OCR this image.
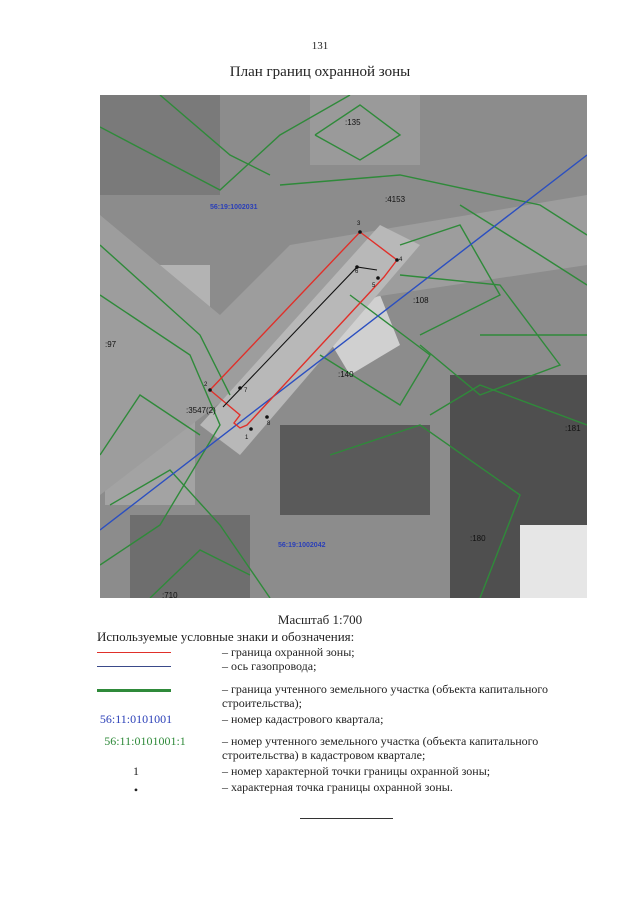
131
План границ охранной зоны
1
2
3
4
5
6
7
8
56:19:1002031
56:19:1002042
:135
:4153
:108
:97
:140
:3547(2)
:181
:180
:710
Масштаб 1:700
Используемые условные знаки и обозначения:
– граница охранной зоны;
– ось газопровода;
– граница учтенного земельного участка (объекта капитального строительства);
56:11:0101001	– номер кадастрового квартала;
56:11:0101001:1	– номер учтенного земельного участка (объекта капитального строительства) в кадастровом квартале;
1	– номер характерной точки границы охранной зоны;
•	– характерная точка границы охранной зоны.
